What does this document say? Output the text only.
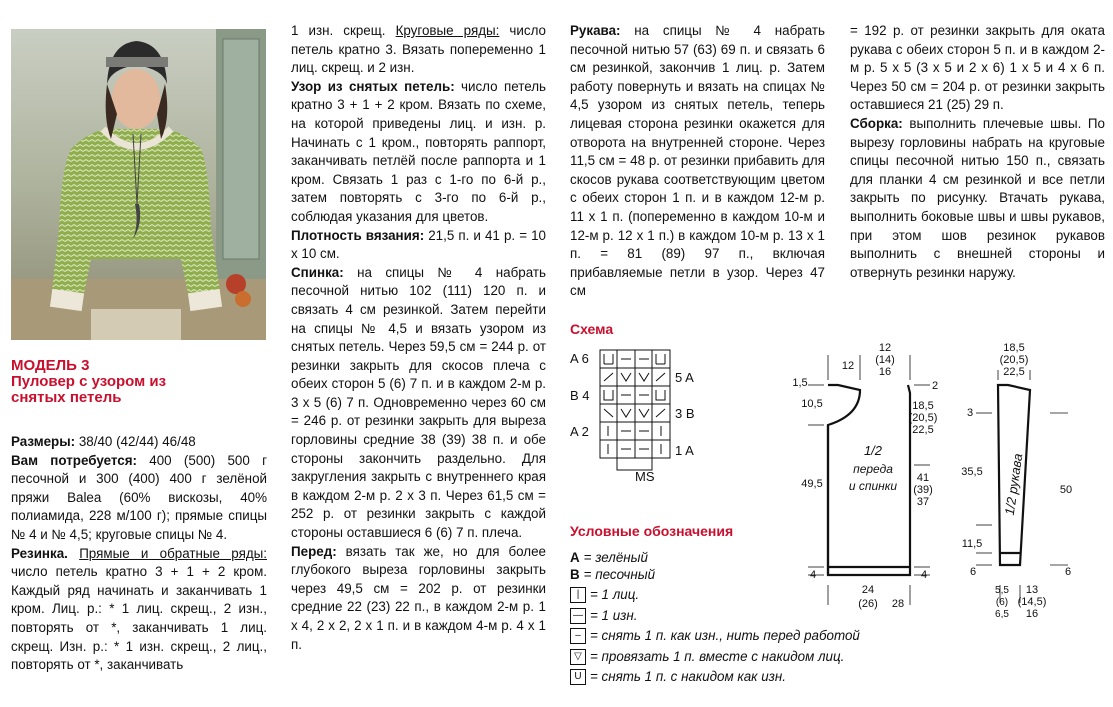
МОДЕЛЬ 3
Пуловер с узором из снятых петель

Размеры: 38/40 (42/44) 46/48

Вам потребуется: 400 (500) 500 г песочной и 300 (400) 400 г зелёной пряжи Balea (60% вискозы, 40% полиамида, 228 м/100 г); прямые спицы № 4 и № 4,5; круговые спицы № 4.

Резинка. Прямые и обратные ряды: число петель кратно 3 + 1 + 2 кром. Каждый ряд начинать и заканчивать 1 кром. Лиц. р.: * 1 лиц. скрещ., 2 изн., повторять от *, заканчивать 1 лиц. скрещ. Изн. р.: * 1 изн. скрещ., 2 лиц., повторять от *, заканчивать

1 изн. скрещ. Круговые ряды: число петель кратно 3. Вязать попеременно 1 лиц. скрещ. и 2 изн.

Узор из снятых петель: число петель кратно 3 + 1 + 2 кром. Вязать по схеме, на которой приведены лиц. и изн. р. Начинать с 1 кром., повторять раппорт, заканчивать петлёй после раппорта и 1 кром. Связать 1 раз с 1-го по 6-й р., затем повторять с 3-го по 6-й р., соблюдая указания для цветов.

Плотность вязания: 21,5 п. и 41 р. = 10 х 10 см.

Спинка: на спицы № 4 набрать песочной нитью 102 (111) 120 п. и связать 4 см резинкой. Затем перейти на спицы № 4,5 и вязать узором из снятых петель. Через 59,5 см = 244 р. от резинки закрыть для скосов плеча с обеих сторон 5 (6) 7 п. и в каждом 2-м р. 3 х 5 (6) 7 п. Одновременно через 60 см = 246 р. от резинки закрыть для выреза горловины средние 38 (39) 38 п. и обе стороны закончить раздельно. Для закругления закрыть с внутреннего края в каждом 2-м р. 2 х 3 п. Через 61,5 см = 252 р. от резинки закрыть с каждой стороны оставшиеся 6 (6) 7 п. плеча.

Перед: вязать так же, но для более глубокого выреза горловины закрыть через 49,5 см = 202 р. от резинки средние 22 (23) 22 п., в каждом 2-м р. 1 х 4, 2 х 2, 2 х 1 п. и в каждом 4-м р. 4 х 1 п.

Рукава: на спицы № 4 набрать песочной нитью 57 (63) 69 п. и связать 6 см резинкой, закончив 1 лиц. р. Затем работу повернуть и вязать на спицах № 4,5 узором из снятых петель, теперь лицевая сторона резинки окажется для отворота на внутренней стороне. Через 11,5 см = 48 р. от резинки прибавить для скосов рукава соответствующим цветом с обеих сторон 1 п. и в каждом 12-м р. 11 х 1 п. (попеременно в каждом 10-м и 12-м р. 12 х 1 п.) в каждом 10-м р. 13 х 1 п. = 81 (89) 97 п., включая прибавляемые петли в узор. Через 47 см

= 192 р. от резинки закрыть для оката рукава с обеих сторон 5 п. и в каждом 2-м р. 5 х 5 (3 х 5 и 2 х 6) 1 х 5 и 4 х 6 п. Через 50 см = 204 р. от резинки закрыть оставшиеся 21 (25) 29 п.

Сборка: выполнить плечевые швы. По вырезу горловины набрать на круговые спицы песочной нитью 150 п., связать для планки 4 см резинкой и все петли закрыть по рисунку. Втачать рукава, выполнить боковые швы и швы рукавов, при этом шов резинок рукавов выполнить с внешней стороны и отвернуть резинки наружу.

Схема
A 6
B 4
A 2
5 A
3 B
1 A
MS
Условные обозначения
А = зелёный
В = песочный
| = 1 лиц.
— = 1 изн.
– = снять 1 п. как изн., нить перед работой
▽ = провязать 1 п. вместе с накидом лиц.
U = снять 1 п. с накидом как изн.
1/2
переда
и спинки
12
12
(14)
16
1,5
10,5
49,5
4
2
18,5
(20,5)
22,5
41
(39)
37
4
24
(26) 28
1/2 рукава
18,5
(20,5)
22,5
3
35,5
11,5
6
50
6
5,5
(6)
6,5
13
(14,5)
16
